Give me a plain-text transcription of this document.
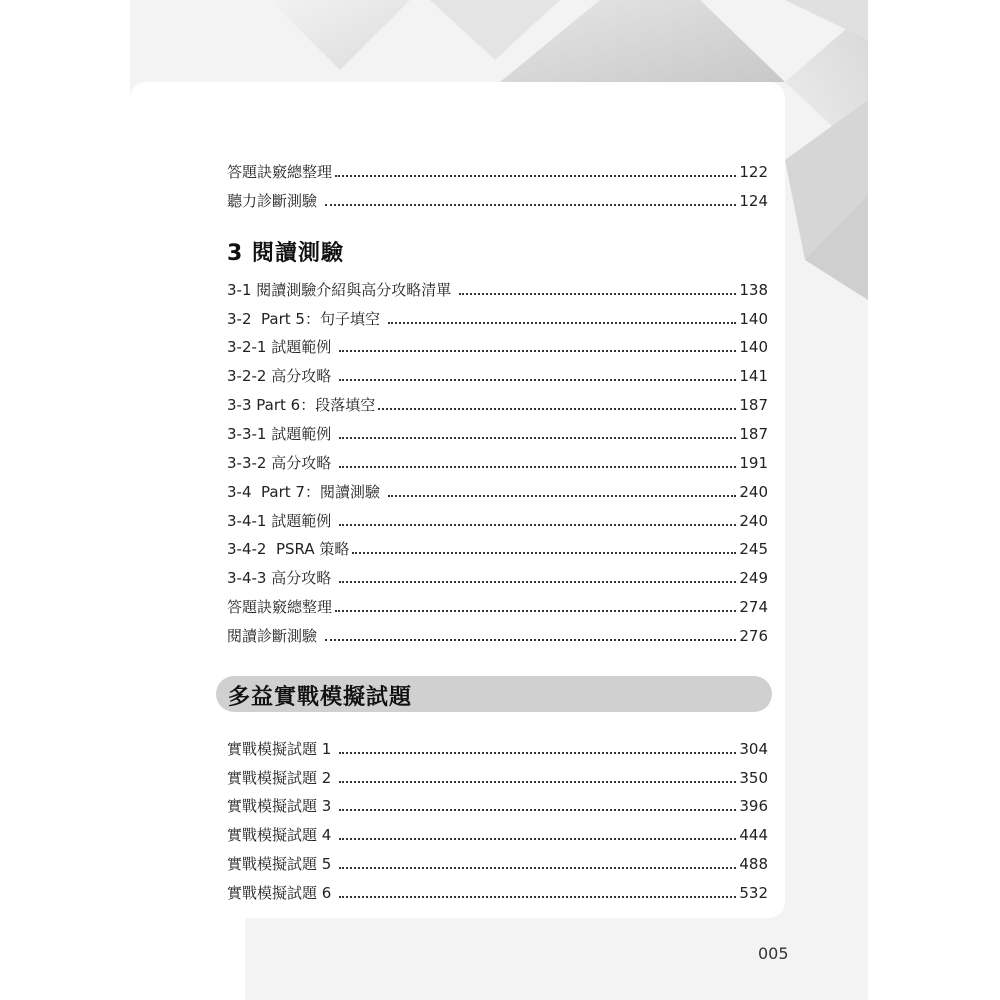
答題訣竅總整理	122
聽力診斷測驗	124
3 閱讀測驗
3-1 閱讀測驗介紹與高分攻略清單	138
3-2  Part 5：句子填空	140
3-2-1 試題範例	140
3-2-2 高分攻略	141
3-3 Part 6：段落填空	187
3-3-1 試題範例	187
3-3-2 高分攻略	191
3-4  Part 7：閱讀測驗	240
3-4-1 試題範例	240
3-4-2  PSRA 策略	245
3-4-3 高分攻略	249
答題訣竅總整理	274
閱讀診斷測驗	276
多益實戰模擬試題
實戰模擬試題 1	304
實戰模擬試題 2	350
實戰模擬試題 3	396
實戰模擬試題 4	444
實戰模擬試題 5	488
實戰模擬試題 6	532
005
